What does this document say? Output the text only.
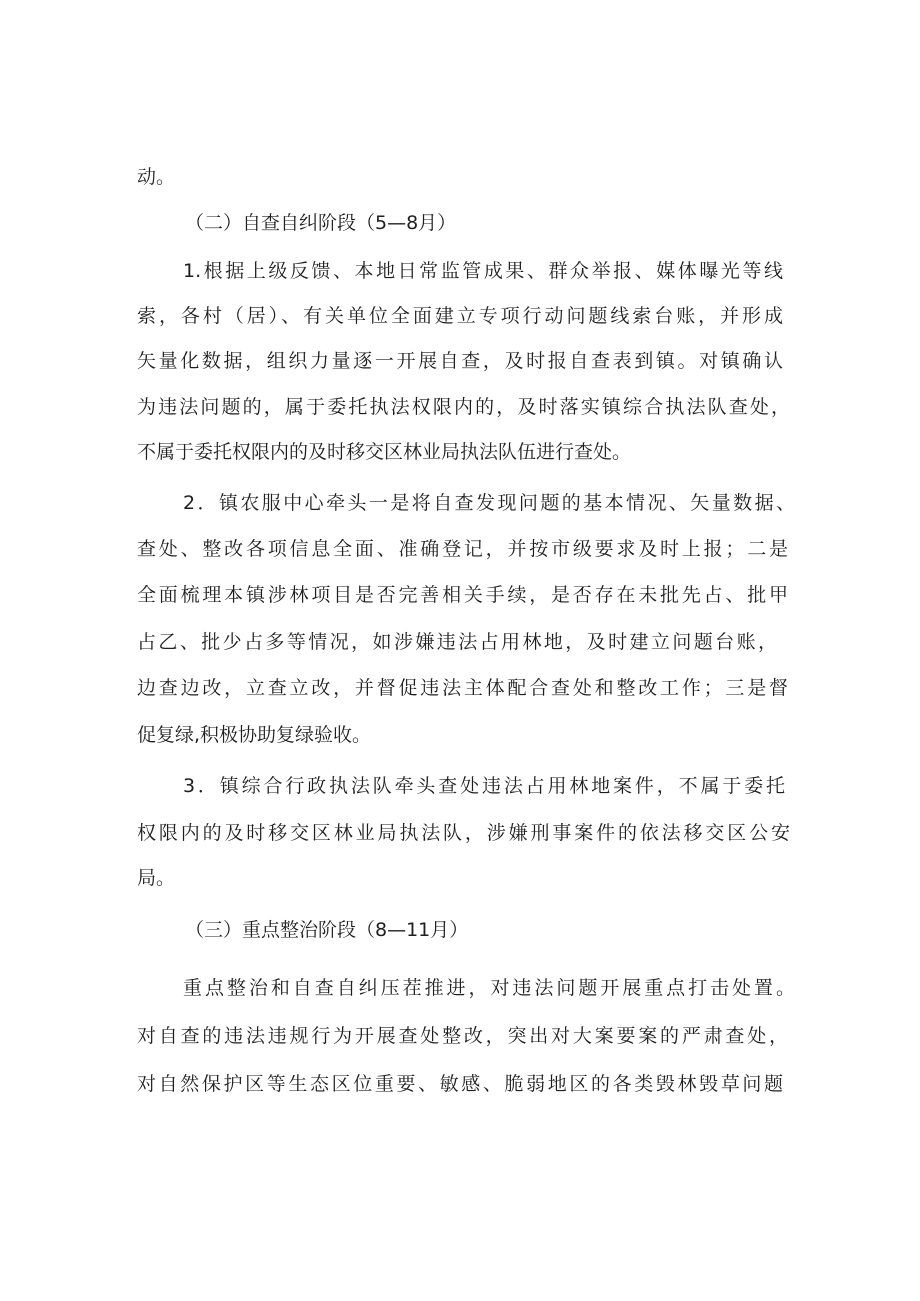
动。
（二）自查自纠阶段（5—8月）
1.根据上级反馈、本地日常监管成果、群众举报、媒体曝光等线
索，各村（居）、有关单位全面建立专项行动问题线索台账，并形成
矢量化数据，组织力量逐一开展自查，及时报自查表到镇。对镇确认
为违法问题的，属于委托执法权限内的，及时落实镇综合执法队查处，
不属于委托权限内的及时移交区林业局执法队伍进行查处。
2．镇农服中心牵头一是将自查发现问题的基本情况、矢量数据、
查处、整改各项信息全面、准确登记，并按市级要求及时上报；二是
全面梳理本镇涉林项目是否完善相关手续，是否存在未批先占、批甲
占乙、批少占多等情况，如涉嫌违法占用林地，及时建立问题台账，
边查边改，立查立改，并督促违法主体配合查处和整改工作；三是督
促复绿,积极协助复绿验收。
3．镇综合行政执法队牵头查处违法占用林地案件，不属于委托
权限内的及时移交区林业局执法队，涉嫌刑事案件的依法移交区公安
局。
（三）重点整治阶段（8—11月）
重点整治和自查自纠压茬推进，对违法问题开展重点打击处置。
对自查的违法违规行为开展查处整改，突出对大案要案的严肃查处，
对自然保护区等生态区位重要、敏感、脆弱地区的各类毁林毁草问题
